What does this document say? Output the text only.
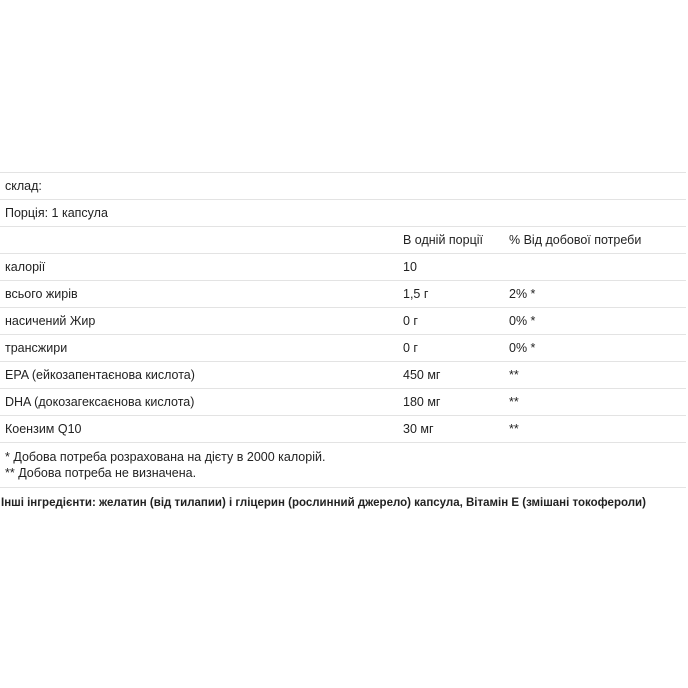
склад:		
Порція: 1 капсула		
	В одній порції	% Від добової потреби
калорії	10	
всього жирів	1,5 г	2% *
насичений Жир	0 г	0% *
трансжири	0 г	0% *
EPA (ейкозапентаєнова кислота)	450 мг	**
DHA (докозагексаєнова кислота)	180 мг	**
Коензим Q10	30 мг	**

* Добова потреба розрахована на дієту в 2000 калорій.
** Добова потреба не визначена.		
Інші інгредієнти: желатин (від тилапии) і гліцерин (рослинний джерело) капсула, Вітамін Е (змішані токофероли)
